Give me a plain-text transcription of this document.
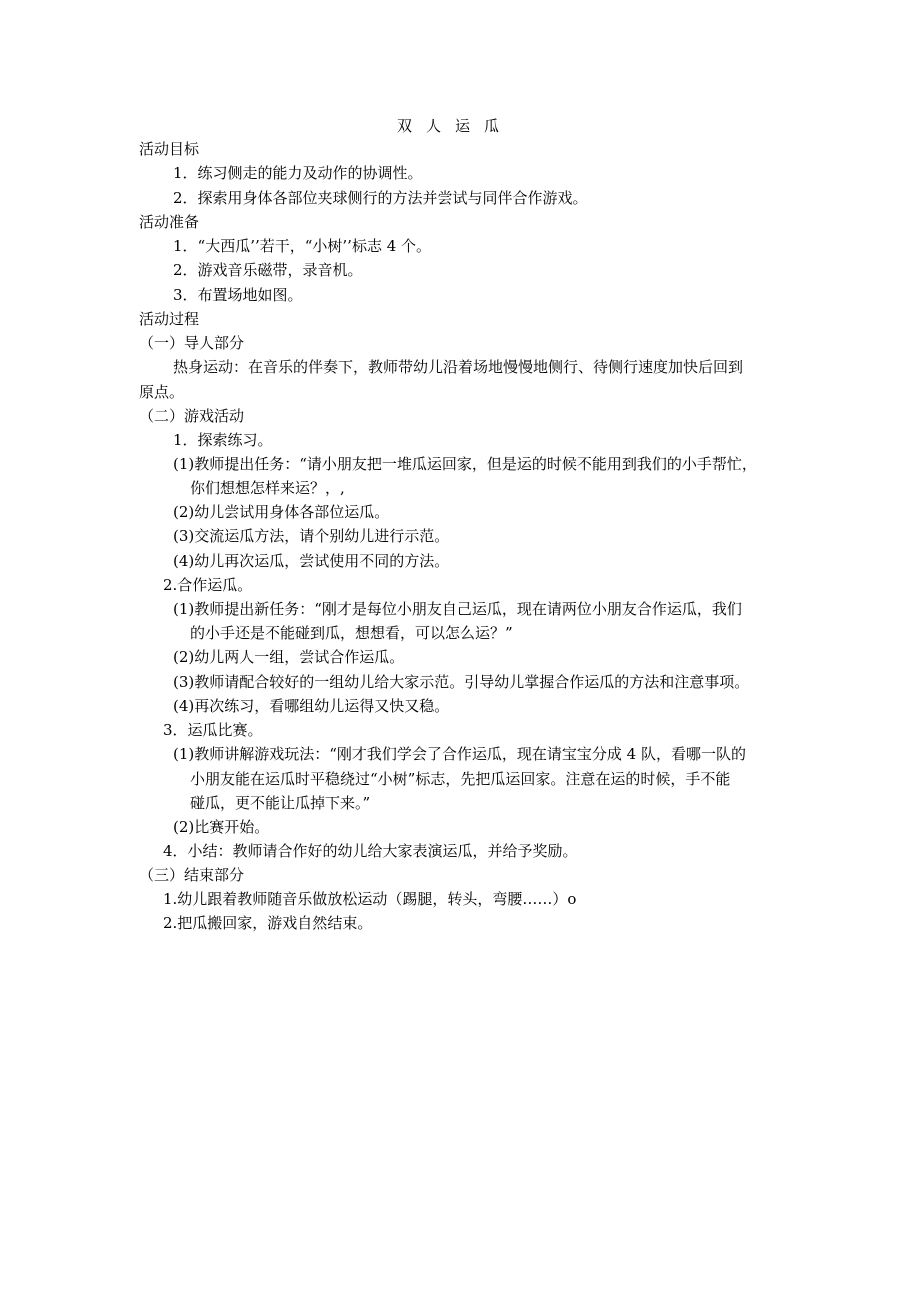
双人运瓜
活动目标
1．练习侧走的能力及动作的协调性。
2．探索用身体各部位夹球侧行的方法并尝试与同伴合作游戏。
活动准备
1．“大西瓜’’若干，“小树’’标志 4 个。
2．游戏音乐磁带，录音机。
3．布置场地如图。
活动过程
（一）导人部分
热身运动：在音乐的伴奏下，教师带幼儿沿着场地慢慢地侧行、待侧行速度加快后回到
原点。
（二）游戏活动
1．探索练习。
(1)教师提出任务：“请小朋友把一堆瓜运回家，但是运的时候不能用到我们的小手帮忙，
你们想想怎样来运？，,
(2)幼儿尝试用身体各部位运瓜。
(3)交流运瓜方法，请个别幼儿进行示范。
(4)幼儿再次运瓜，尝试使用不同的方法。
2.合作运瓜。
(1)教师提出新任务：“刚才是每位小朋友自己运瓜，现在请两位小朋友合作运瓜，我们
的小手还是不能碰到瓜，想想看，可以怎么运？”
(2)幼儿两人一组，尝试合作运瓜。
(3)教师请配合较好的一组幼儿给大家示范。引导幼儿掌握合作运瓜的方法和注意事项。
(4)再次练习，看哪组幼儿运得又快又稳。
3．运瓜比赛。
(1)教师讲解游戏玩法：“刚才我们学会了合作运瓜，现在请宝宝分成 4 队，看哪一队的
小朋友能在运瓜时平稳绕过“小树”标志，先把瓜运回家。注意在运的时候，手不能
碰瓜，更不能让瓜掉下来。”
(2)比赛开始。
4．小结：教师请合作好的幼儿给大家表演运瓜，并给予奖励。
（三）结束部分
1.幼儿跟着教师随音乐做放松运动（踢腿，转头，弯腰……）o
2.把瓜搬回家，游戏自然结束。
